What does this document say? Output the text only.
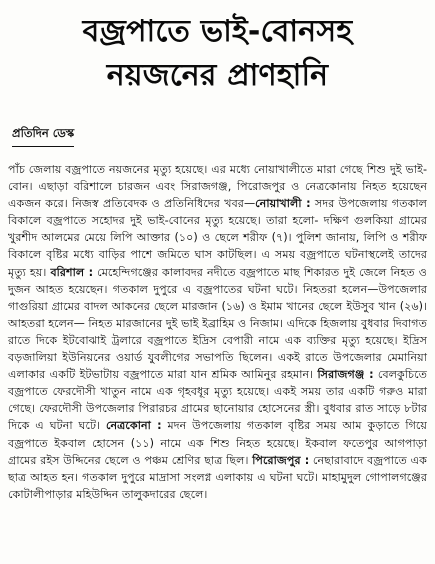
বজ্রপাতে ভাই-বোনসহ
নয়জনের প্রাণহানি
প্রতিদিন ডেস্ক

পাঁচ জেলায় বজ্রপাতে নয়জনের মৃত্যু হয়েছে। এর মধ্যে নোয়াখালীতে মারা গেছে শিশু দুই ভাই-বোন। এছাড়া বরিশালে চারজন এবং সিরাজগঞ্জ, পিরোজপুর ও নেত্রকোনায় নিহত হয়েছেন একজন করে। নিজস্ব প্রতিবেদক ও প্রতিনিধিদের খবর—নোয়াখালী : সদর উপজেলায় গতকাল বিকালে বজ্রপাতে সহোদর দুই ভাই-বোনের মৃত্যু হয়েছে। তারা হলো- দক্ষিণ গুলকিয়া গ্রামের খুরশীদ আলমের মেয়ে লিপি আক্তার (১০) ও ছেলে শরীফ (৭)। পুলিশ জানায়, লিপি ও শরীফ বিকালে বৃষ্টির মধ্যে বাড়ির পাশে জমিতে ঘাস কাটছিল। এ সময় বজ্রপাতে ঘটনাস্থলেই তাদের মৃত্যু হয়। বরিশাল : মেহেন্দিগঞ্জের কালাবদর নদীতে বজ্রপাতে মাছ শিকারত দুই জেলে নিহত ও দুজন আহত হয়েছেন। গতকাল দুপুরে এ বজ্রপাতের ঘটনা ঘটে। নিহতরা হলেন—উপজেলার গাগুরিয়া গ্রামের বাদল আকনের ছেলে মারজান (১৬) ও ইমাম খানের ছেলে ইউসুব খান (২৬)। আহতরা হলেন— নিহত মারজানের দুই ভাই ইব্রাহিম ও নিজাম। এদিকে হিজলায় বুধবার দিবাগত রাতে দিকে ইটবোঝাই ট্রলারে বজ্রপাতে ইদ্রিস বেপারী নামে এক ব্যক্তির মৃত্যু হয়েছে। ইদ্রিস বড়জালিয়া ইউনিয়নের ওয়ার্ড যুবলীগের সভাপতি ছিলেন। একই রাতে উপজেলার মেমানিয়া এলাকার একটি ইটভাটায় বজ্রপাতে মারা যান শ্রমিক আমিনুর রহমান। সিরাজগঞ্জ : বেলকুচিতে বজ্রপাতে ফেরদৌসী খাতুন নামে এক গৃহবধূর মৃত্যু হয়েছে। একই সময় তার একটি গরুও মারা গেছে। ফেরদৌসী উপজেলার পিরারচর গ্রামের ছানোয়ার হোসেনের স্ত্রী। বুধবার রাত সাড়ে ৮টার দিকে এ ঘটনা ঘটে। নেত্রকোনা : মদন উপজেলায় গতকাল বৃষ্টির সময় আম কুড়াতে গিয়ে বজ্রপাতে ইকবাল হোসেন (১১) নামে এক শিশু নিহত হয়েছে। ইকবাল ফতেপুর আগপাড়া গ্রামের রইস উদ্দিনের ছেলে ও পঞ্চম শ্রেণির ছাত্র ছিল। পিরোজপুর : নেছারাবাদে বজ্রপাতে এক ছাত্র আহত হন। গতকাল দুপুরে মাদ্রাসা সংলগ্ন এলাকায় এ ঘটনা ঘটে। মাহামুদুল গোপালগঞ্জের কোটালীপাড়ার মহিউদ্দিন তালুকদারের ছেলে।
